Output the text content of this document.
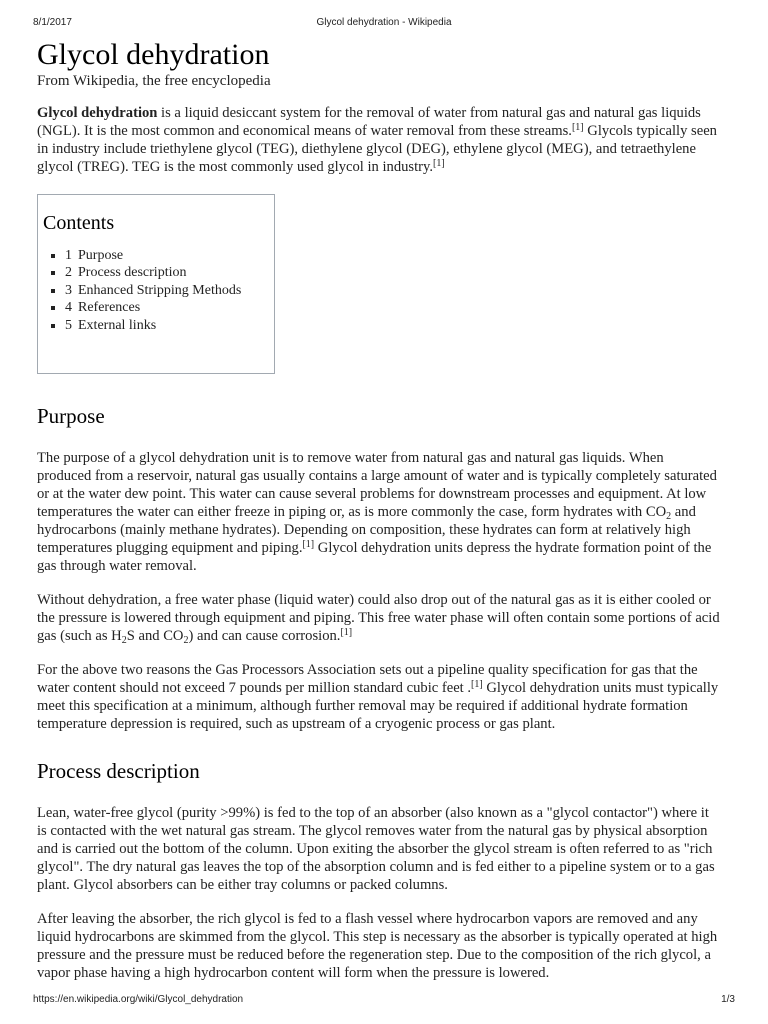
8/1/2017	Glycol dehydration - Wikipedia
Glycol dehydration
From Wikipedia, the free encyclopedia

Glycol dehydration is a liquid desiccant system for the removal of water from natural gas and natural gas liquids (NGL). It is the most common and economical means of water removal from these streams.[1] Glycols typically seen in industry include triethylene glycol (TEG), diethylene glycol (DEG), ethylene glycol (MEG), and tetraethylene glycol (TREG). TEG is the most commonly used glycol in industry.[1]

Contents
▪ 1 Purpose
▪ 2 Process description
▪ 3 Enhanced Stripping Methods
▪ 4 References
▪ 5 External links
Purpose

The purpose of a glycol dehydration unit is to remove water from natural gas and natural gas liquids. When produced from a reservoir, natural gas usually contains a large amount of water and is typically completely saturated or at the water dew point. This water can cause several problems for downstream processes and equipment. At low temperatures the water can either freeze in piping or, as is more commonly the case, form hydrates with $CO_2$ and hydrocarbons (mainly methane hydrates). Depending on composition, these hydrates can form at relatively high temperatures plugging equipment and piping.[1] Glycol dehydration units depress the hydrate formation point of the gas through water removal.

Without dehydration, a free water phase (liquid water) could also drop out of the natural gas as it is either cooled or the pressure is lowered through equipment and piping. This free water phase will often contain some portions of acid gas (such as $H_2S$ and $CO_2$) and can cause corrosion.[1]

For the above two reasons the Gas Processors Association sets out a pipeline quality specification for gas that the water content should not exceed 7 pounds per million standard cubic feet .[1] Glycol dehydration units must typically meet this specification at a minimum, although further removal may be required if additional hydrate formation temperature depression is required, such as upstream of a cryogenic process or gas plant.

Process description

Lean, water-free glycol (purity >99%) is fed to the top of an absorber (also known as a "glycol contactor") where it is contacted with the wet natural gas stream. The glycol removes water from the natural gas by physical absorption and is carried out the bottom of the column. Upon exiting the absorber the glycol stream is often referred to as "rich glycol". The dry natural gas leaves the top of the absorption column and is fed either to a pipeline system or to a gas plant. Glycol absorbers can be either tray columns or packed columns.

After leaving the absorber, the rich glycol is fed to a flash vessel where hydrocarbon vapors are removed and any liquid hydrocarbons are skimmed from the glycol. This step is necessary as the absorber is typically operated at high pressure and the pressure must be reduced before the regeneration step. Due to the composition of the rich glycol, a vapor phase having a high hydrocarbon content will form when the pressure is lowered.

https://en.wikipedia.org/wiki/Glycol_dehydration	1/3
